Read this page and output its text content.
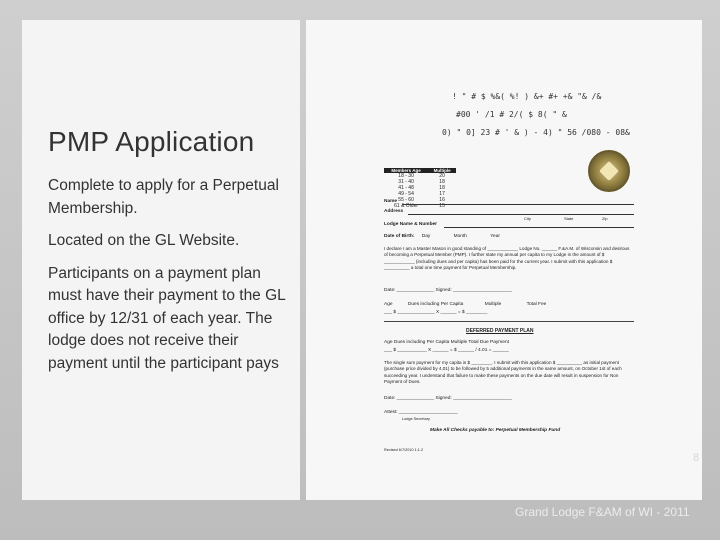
PMP Application

Complete to apply for a Perpetual Membership.

Located on the GL Website.

Participants on a payment plan must have their payment to the GL office by 12/31 of each year. The lodge does not receive their payment until the participant pays

! " # $ %&( %! ) &+ #+ +& "& /&
#00 ' /1 # 2/( $ 8( " &
0) " 0] 23 # ' & ) - 4) " 56 /080 - 08&
Members Age	Multiple
18 - 30	20
31 - 40	18
41 - 48	18
49 - 54	17
55 - 60	16
61 & Older	15
Name
Address
City	State	Zip
Lodge Name & Number
Date of Birth: Day	Month	Year
I declare I am a Master Mason in good standing of ____________ Lodge No. ______ F.&A.M. of Wisconsin and desirous of becoming a Perpetual Member (PMP). I further state my annual per capita to my Lodge in the amount of $ ____________ (including dues and per capita) has been paid for the current year. I submit with this application $ __________ a total one time payment for Perpetual Membership.
Date: ______________ Signed: ______________________
Age	Dues including Per Capita	Multiple	Total Fee
___ $ ______________ X ______ = $ ________
DEFERRED PAYMENT PLAN
Age Dues including Per Capita Multiple Total Due Payment
___ $ ___________ X ______ = $ ______ / 4.01 = ______
The single sum payment for my capita is $ ________. I submit with this application $ __________ as initial payment (purchase price divided by 4.01) to be followed by 5 additional payments in the same amount, on October 1st of each succeeding year. I understand that failure to make these payments on the due date will result in suspension for Non Payment of Dues.
Date: ______________ Signed: ______________________
Attest: ______________________
Lodge Secretary
Make All Checks payable to: Perpetual Membership Fund
Revised 6/7/2010 1:1.2
8
Grand Lodge F&AM of WI - 2011
